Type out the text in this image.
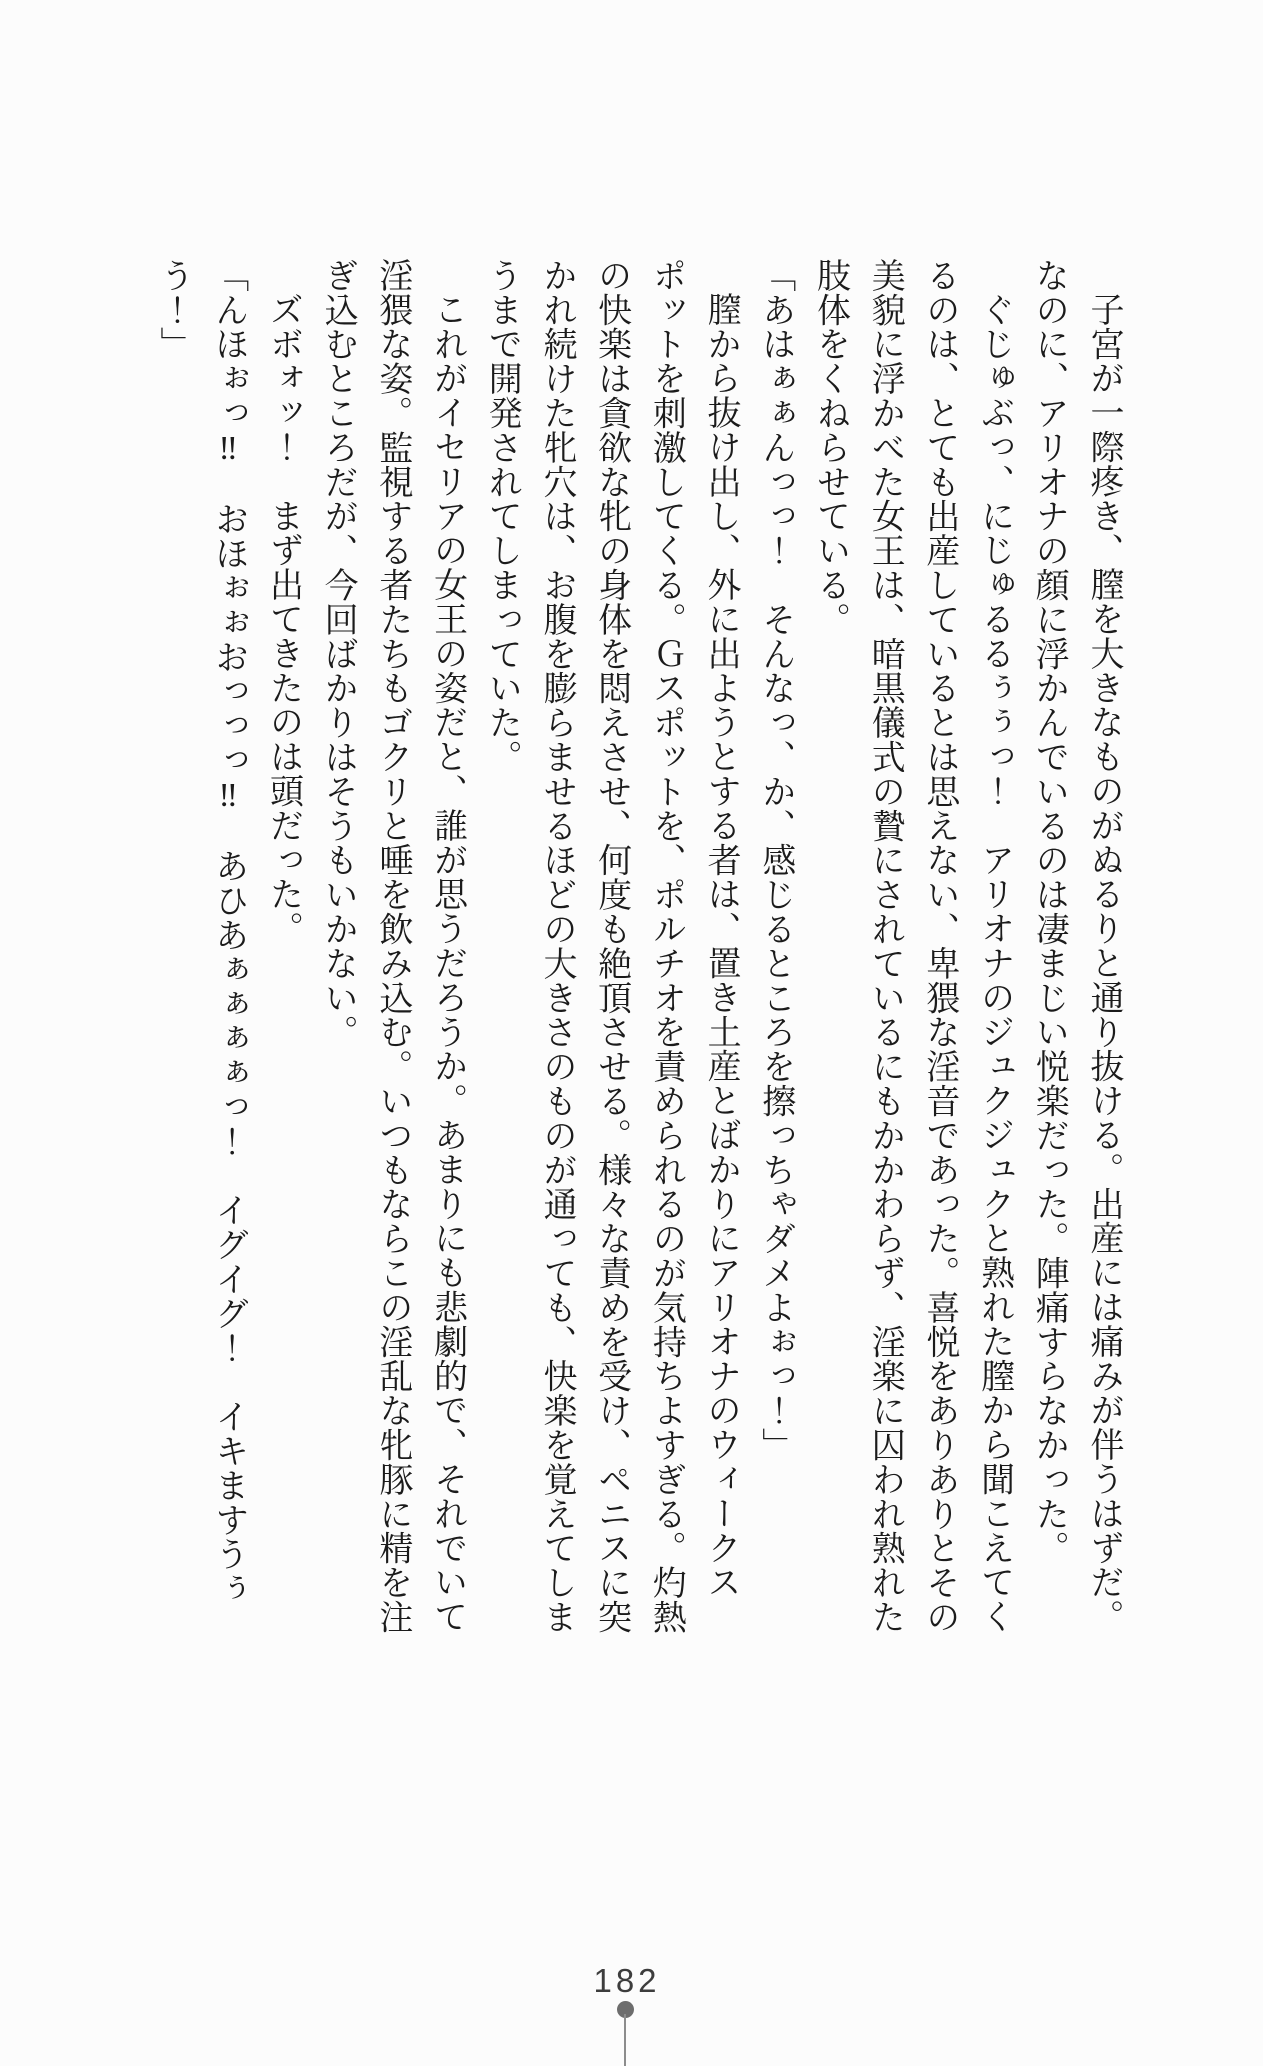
子宮が一際疼き、膣を大きなものがぬるりと通り抜ける。出産には痛みが伴うはずだ。なのに、アリオナの顔に浮かんでいるのは凄まじい悦楽だった。陣痛すらなかった。

ぐじゅぶっ、にじゅるるぅぅっ！　アリオナのジュクジュクと熟れた膣から聞こえてくるのは、とても出産しているとは思えない、卑猥な淫音であった。喜悦をありありとその美貌に浮かべた女王は、暗黒儀式の贄にされているにもかかわらず、淫楽に囚われ熟れた肢体をくねらせている。

「あはぁぁんっっ！　そんなっ、か、感じるところを擦っちゃダメよぉっ！」

膣から抜け出し、外に出ようとする者は、置き土産とばかりにアリオナのウィークスポットを刺激してくる。Ｇスポットを、ポルチオを責められるのが気持ちよすぎる。灼熱の快楽は貪欲な牝の身体を悶えさせ、何度も絶頂させる。様々な責めを受け、ペニスに突かれ続けた牝穴は、お腹を膨らませるほどの大きさのものが通っても、快楽を覚えてしまうまで開発されてしまっていた。

これがイセリアの女王の姿だと、誰が思うだろうか。あまりにも悲劇的で、それでいて淫猥な姿。監視する者たちもゴクリと唾を飲み込む。いつもならこの淫乱な牝豚に精を注ぎ込むところだが、今回ばかりはそうもいかない。

ズボォッ！　まず出てきたのは頭だった。

「んほぉっ‼　おほぉぉおっっっ‼　あひあぁぁぁぁっ！　イグイグ！　イキますうぅう！」

182
